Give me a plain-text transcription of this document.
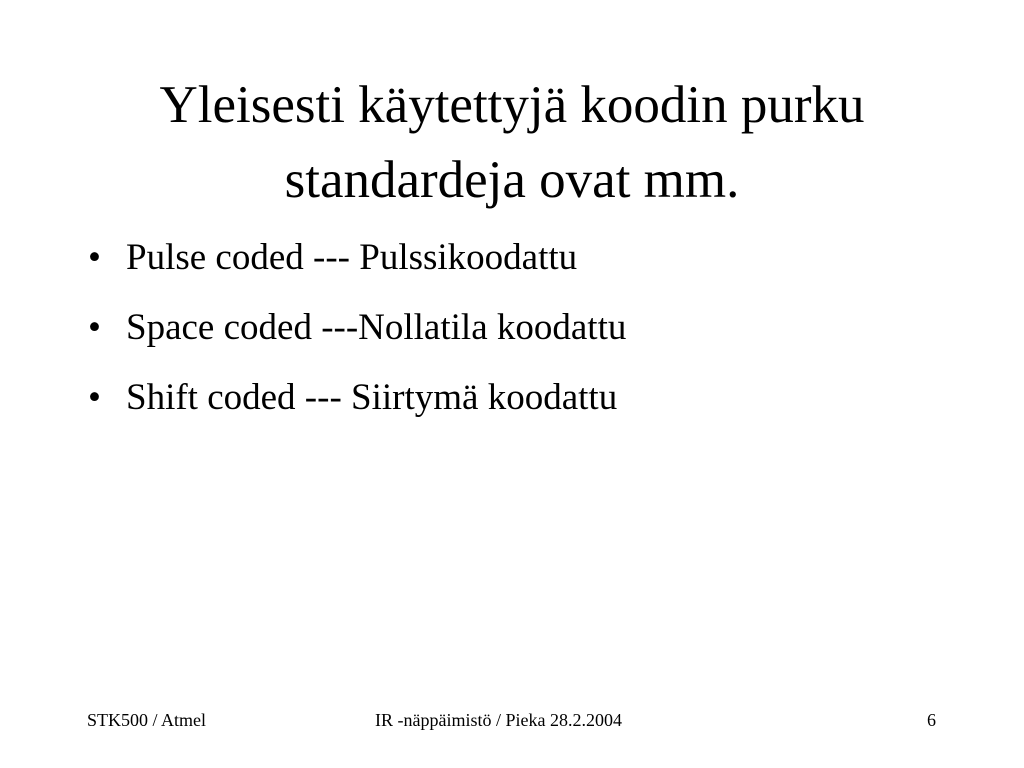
Yleisesti käytettyjä koodin purku
standardeja ovat mm.
• Pulse coded --- Pulssikoodattu
• Space coded ---Nollatila koodattu
• Shift coded --- Siirtymä koodattu
STK500 / Atmel	IR -näppäimistö / Pieka 28.2.2004	6
